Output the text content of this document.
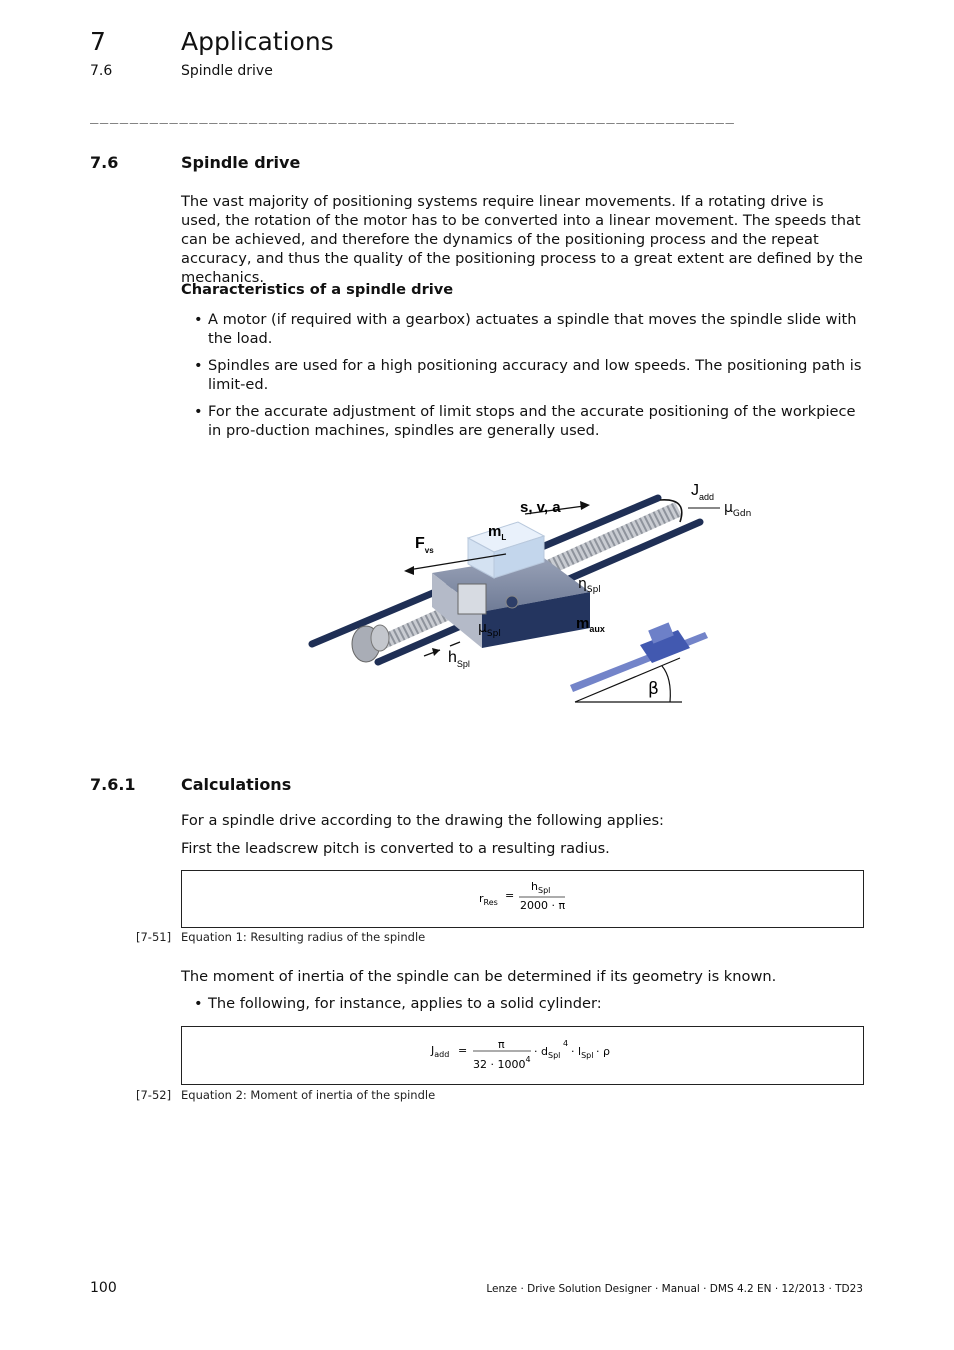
7	Applications
7.6	Spindle drive
_________________________________________________________________
7.6	Spindle drive
The vast majority of positioning systems require linear movements. If a rotating drive is used, the rotation of the motor has to be converted into a linear movement. The speeds that can be achieved, and therefore the dynamics of the positioning process and the repeat accuracy, and thus the quality of the positioning process to a great extent are defined by the mechanics.
Characteristics of a spindle drive
• A motor (if required with a gearbox) actuates a spindle that moves the spindle slide with the load.
• Spindles are used for a high positioning accuracy and low speeds. The positioning path is limit-ed.
• For the accurate adjustment of limit stops and the accurate positioning of the workpiece in pro-duction machines, spindles are generally used.
s, v, a
$J_{add}$
$\mu_{Gdn}$
$m_L$
$F_{vs}$
$\eta_{Spl}$
$\mu_{Spl}$
$m_{aux}$
$h_{Spl}$
β
7.6.1	Calculations
For a spindle drive according to the drawing the following applies:
First the leadscrew pitch is converted to a resulting radius.
$r_{Res}$
=
$h_{Spl}$
2000 · π
[7-51] Equation 1: Resulting radius of the spindle
The moment of inertia of the spindle can be determined if its geometry is known.
• The following, for instance, applies to a solid cylinder:
$J_{add}$ =	π
$32 \cdot 1000^4$
· $d_{Spl}$
4
· $l_{Spl} \cdot \rho$
[7-52] Equation 2: Moment of inertia of the spindle
100	Lenze · Drive Solution Designer · Manual · DMS 4.2 EN · 12/2013 · TD23
